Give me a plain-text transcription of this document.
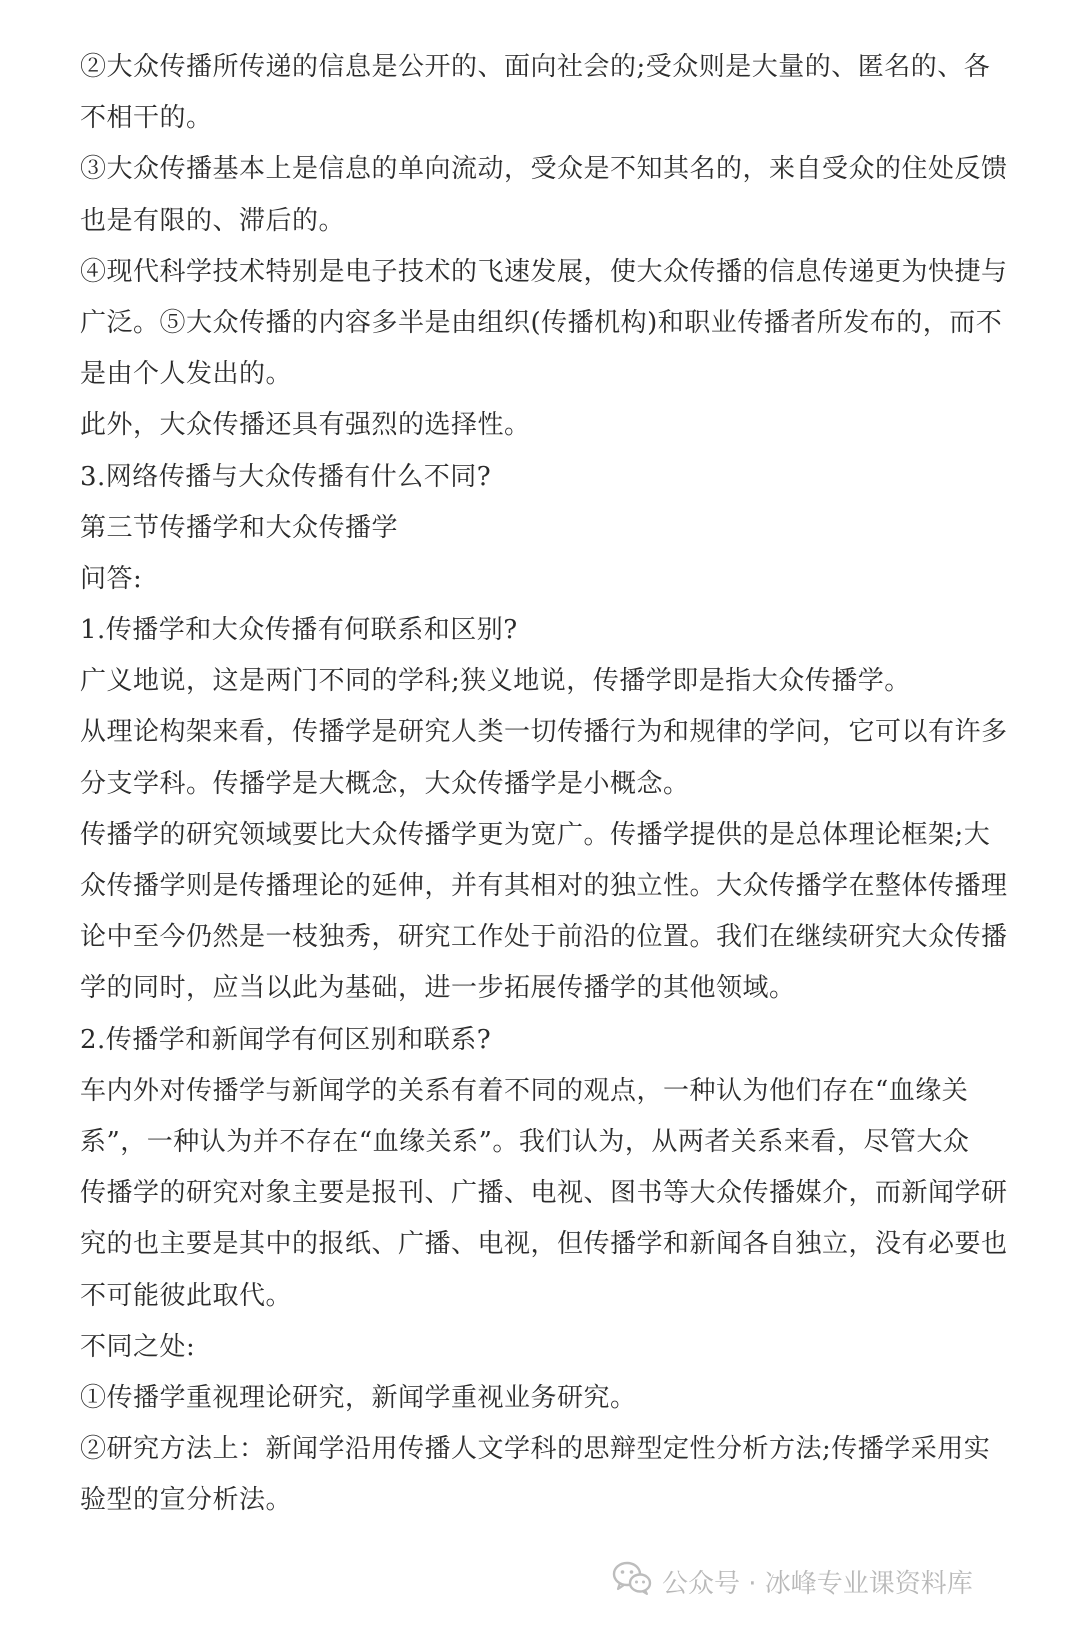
②大众传播所传递的信息是公开的、面向社会的;受众则是大量的、匿名的、各
不相干的。
③大众传播基本上是信息的单向流动，受众是不知其名的，来自受众的住处反馈
也是有限的、滞后的。
④现代科学技术特别是电子技术的飞速发展，使大众传播的信息传递更为快捷与
广泛。⑤大众传播的内容多半是由组织(传播机构)和职业传播者所发布的，而不
是由个人发出的。
此外，大众传播还具有强烈的选择性。
3.网络传播与大众传播有什么不同?
第三节传播学和大众传播学
问答:
1.传播学和大众传播有何联系和区别?
广义地说，这是两门不同的学科;狭义地说，传播学即是指大众传播学。
从理论构架来看，传播学是研究人类一切传播行为和规律的学问，它可以有许多
分支学科。传播学是大概念，大众传播学是小概念。
传播学的研究领域要比大众传播学更为宽广。传播学提供的是总体理论框架;大
众传播学则是传播理论的延伸，并有其相对的独立性。大众传播学在整体传播理
论中至今仍然是一枝独秀，研究工作处于前沿的位置。我们在继续研究大众传播
学的同时，应当以此为基础，进一步拓展传播学的其他领域。
2.传播学和新闻学有何区别和联系?
车内外对传播学与新闻学的关系有着不同的观点，一种认为他们存在“血缘关
系”，一种认为并不存在“血缘关系”。我们认为，从两者关系来看，尽管大众
传播学的研究对象主要是报刊、广播、电视、图书等大众传播媒介，而新闻学研
究的也主要是其中的报纸、广播、电视，但传播学和新闻各自独立，没有必要也
不可能彼此取代。
不同之处:
①传播学重视理论研究，新闻学重视业务研究。
②研究方法上：新闻学沿用传播人文学科的思辩型定性分析方法;传播学采用实
验型的宣分析法。
公众号 · 冰峰专业课资料库
